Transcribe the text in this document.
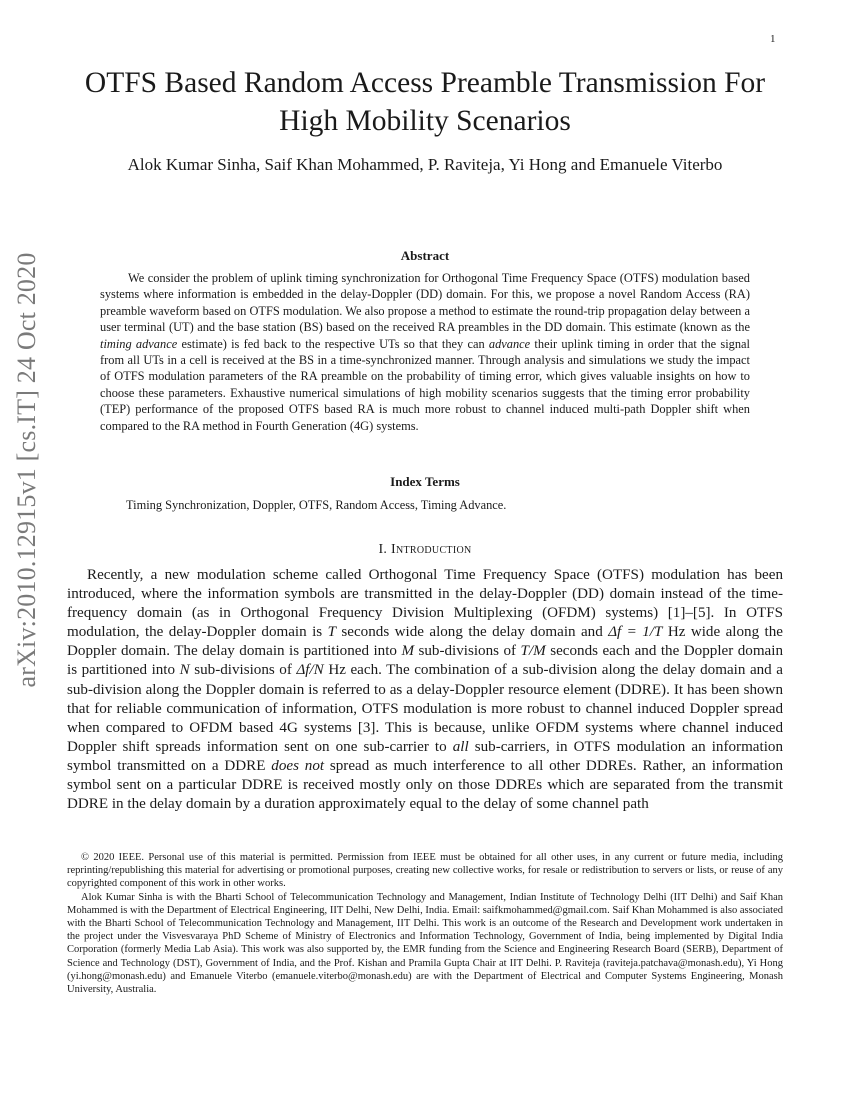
1
arXiv:2010.12915v1 [cs.IT] 24 Oct 2020
OTFS Based Random Access Preamble Transmission For High Mobility Scenarios

Alok Kumar Sinha, Saif Khan Mohammed, P. Raviteja, Yi Hong and Emanuele Viterbo

Abstract

We consider the problem of uplink timing synchronization for Orthogonal Time Frequency Space (OTFS) modulation based systems where information is embedded in the delay-Doppler (DD) domain. For this, we propose a novel Random Access (RA) preamble waveform based on OTFS modulation. We also propose a method to estimate the round-trip propagation delay between a user terminal (UT) and the base station (BS) based on the received RA preambles in the DD domain. This estimate (known as the timing advance estimate) is fed back to the respective UTs so that they can advance their uplink timing in order that the signal from all UTs in a cell is received at the BS in a time-synchronized manner. Through analysis and simulations we study the impact of OTFS modulation parameters of the RA preamble on the probability of timing error, which gives valuable insights on how to choose these parameters. Exhaustive numerical simulations of high mobility scenarios suggests that the timing error probability (TEP) performance of the proposed OTFS based RA is much more robust to channel induced multi-path Doppler shift when compared to the RA method in Fourth Generation (4G) systems.

Index Terms

Timing Synchronization, Doppler, OTFS, Random Access, Timing Advance.

I. Introduction

Recently, a new modulation scheme called Orthogonal Time Frequency Space (OTFS) modulation has been introduced, where the information symbols are transmitted in the delay-Doppler (DD) domain instead of the time-frequency domain (as in Orthogonal Frequency Division Multiplexing (OFDM) systems) [1]–[5]. In OTFS modulation, the delay-Doppler domain is T seconds wide along the delay domain and Δf = 1/T Hz wide along the Doppler domain. The delay domain is partitioned into M sub-divisions of T/M seconds each and the Doppler domain is partitioned into N sub-divisions of Δf/N Hz each. The combination of a sub-division along the delay domain and a sub-division along the Doppler domain is referred to as a delay-Doppler resource element (DDRE). It has been shown that for reliable communication of information, OTFS modulation is more robust to channel induced Doppler spread when compared to OFDM based 4G systems [3]. This is because, unlike OFDM systems where channel induced Doppler shift spreads information sent on one sub-carrier to all sub-carriers, in OTFS modulation an information symbol transmitted on a DDRE does not spread as much interference to all other DDREs. Rather, an information symbol sent on a particular DDRE is received mostly only on those DDREs which are separated from the transmit DDRE in the delay domain by a duration approximately equal to the delay of some channel path

© 2020 IEEE. Personal use of this material is permitted. Permission from IEEE must be obtained for all other uses, in any current or future media, including reprinting/republishing this material for advertising or promotional purposes, creating new collective works, for resale or redistribution to servers or lists, or reuse of any copyrighted component of this work in other works.

Alok Kumar Sinha is with the Bharti School of Telecommunication Technology and Management, Indian Institute of Technology Delhi (IIT Delhi) and Saif Khan Mohammed is with the Department of Electrical Engineering, IIT Delhi, New Delhi, India. Email: saifkmohammed@gmail.com. Saif Khan Mohammed is also associated with the Bharti School of Telecommunication Technology and Management, IIT Delhi. This work is an outcome of the Research and Development work undertaken in the project under the Visvesvaraya PhD Scheme of Ministry of Electronics and Information Technology, Government of India, being implemented by Digital India Corporation (formerly Media Lab Asia). This work was also supported by, the EMR funding from the Science and Engineering Research Board (SERB), Department of Science and Technology (DST), Government of India, and the Prof. Kishan and Pramila Gupta Chair at IIT Delhi. P. Raviteja (raviteja.patchava@monash.edu), Yi Hong (yi.hong@monash.edu) and Emanuele Viterbo (emanuele.viterbo@monash.edu) are with the Department of Electrical and Computer Systems Engineering, Monash University, Australia.
